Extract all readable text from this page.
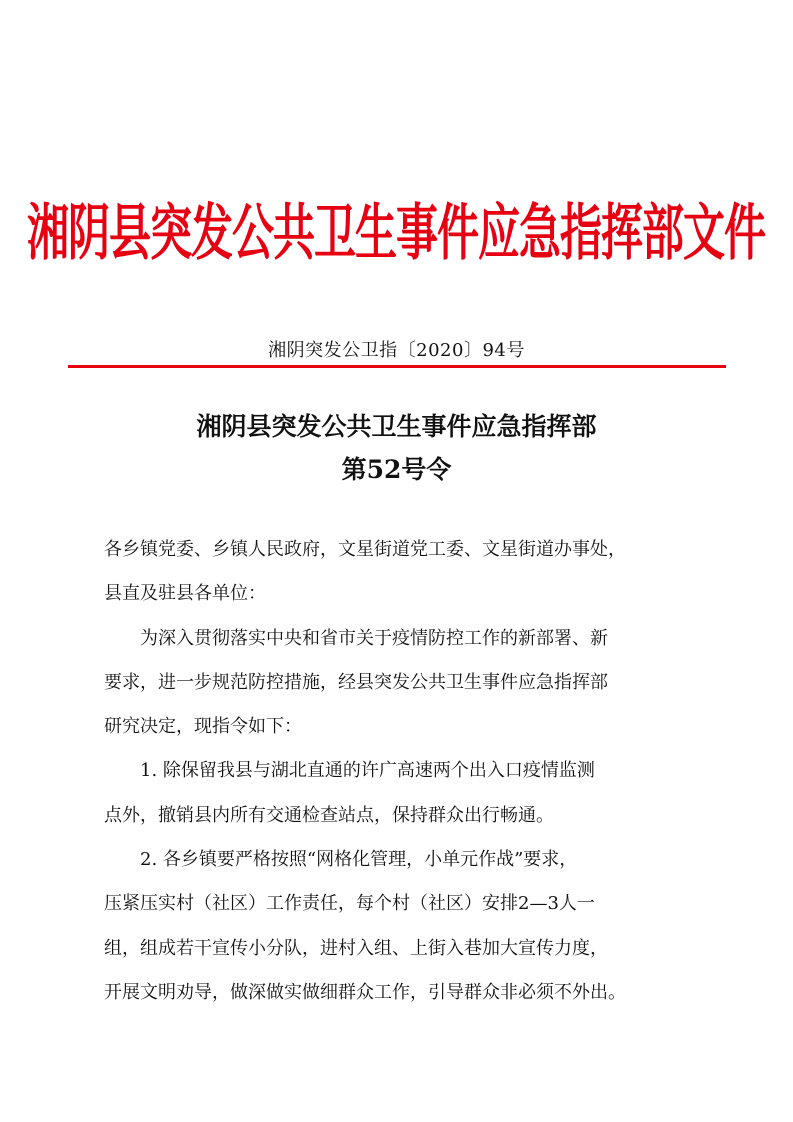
湘阴县突发公共卫生事件应急指挥部文件
湘阴突发公卫指〔2020〕94号
湘阴县突发公共卫生事件应急指挥部
第52号令
各乡镇党委、乡镇人民政府，文星街道党工委、文星街道办事处，
县直及驻县各单位：
为深入贯彻落实中央和省市关于疫情防控工作的新部署、新
要求，进一步规范防控措施，经县突发公共卫生事件应急指挥部
研究决定，现指令如下：
1. 除保留我县与湖北直通的许广高速两个出入口疫情监测
点外，撤销县内所有交通检查站点，保持群众出行畅通。
2. 各乡镇要严格按照“网格化管理，小单元作战”要求，
压紧压实村（社区）工作责任，每个村（社区）安排2—3人一
组，组成若干宣传小分队，进村入组、上街入巷加大宣传力度，
开展文明劝导，做深做实做细群众工作，引导群众非必须不外出。
